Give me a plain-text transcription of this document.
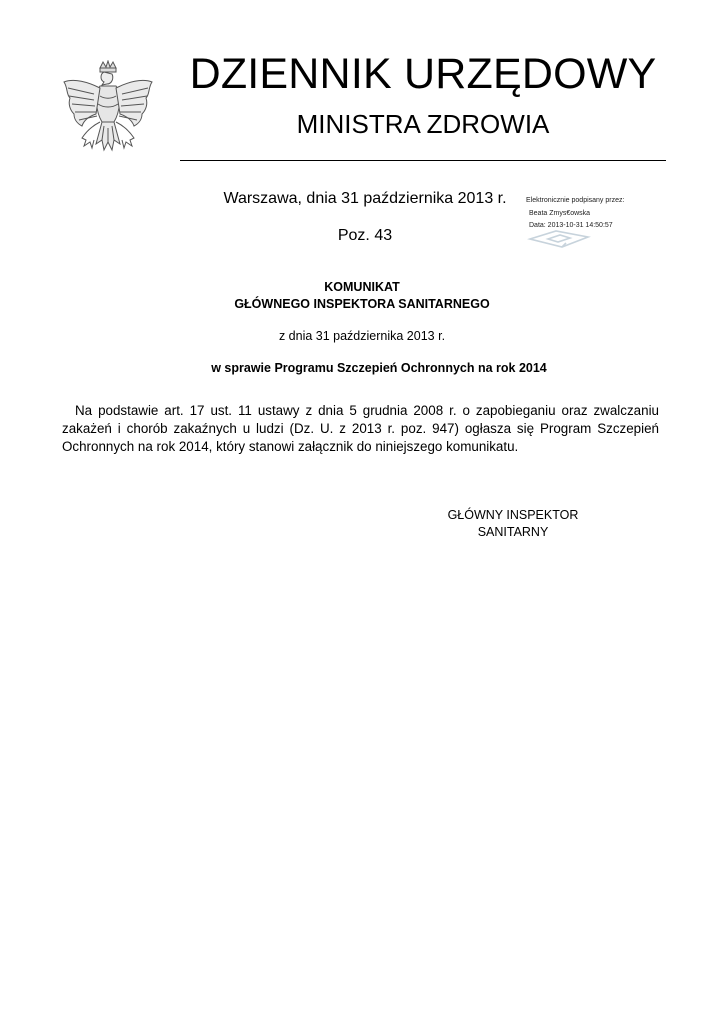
DZIENNIK URZĘDOWY
MINISTRA ZDROWIA
Warszawa, dnia 31 października 2013 r.
Poz. 43
Elektronicznie podpisany przez:
Beata Zmys€owska
Data: 2013-10-31 14:50:57
KOMUNIKAT
GŁÓWNEGO INSPEKTORA SANITARNEGO
z dnia 31 października 2013 r.
w sprawie Programu Szczepień Ochronnych na rok 2014
Na podstawie art. 17 ust. 11 ustawy z dnia 5 grudnia 2008 r. o zapobieganiu oraz zwalczaniu
zakażeń i chorób zakaźnych u ludzi (Dz. U. z 2013 r. poz. 947) ogłasza się Program Szczepień
Ochronnych na rok 2014, który stanowi załącznik do niniejszego komunikatu.
GŁÓWNY INSPEKTOR
SANITARNY
